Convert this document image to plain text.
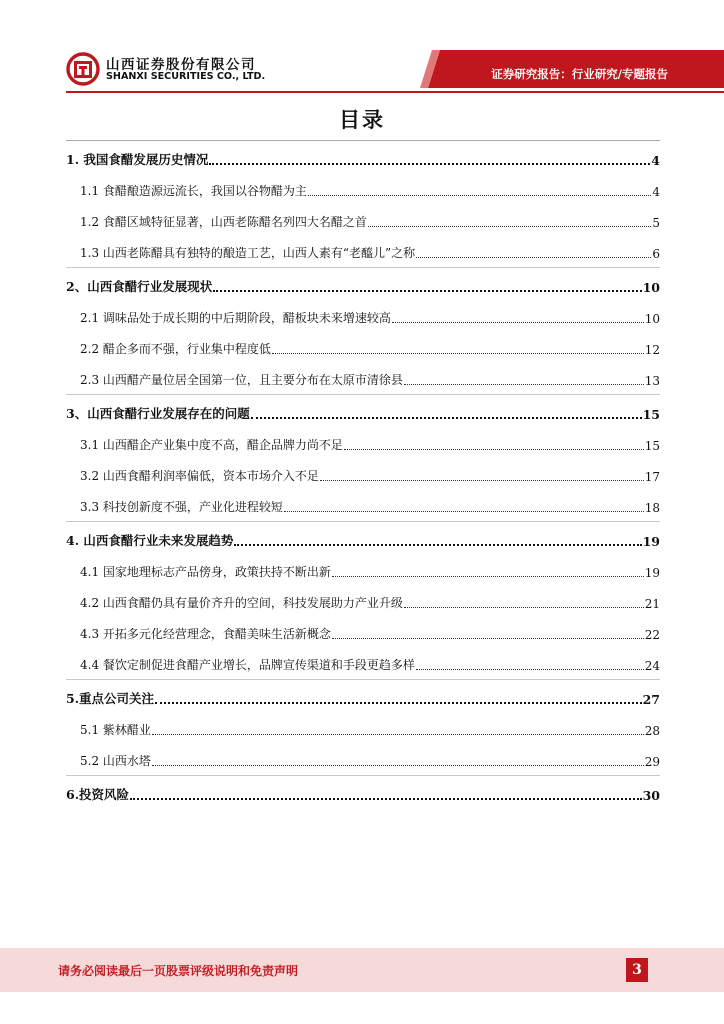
山西证券股份有限公司
SHANXI SECURITIES CO., LTD.	证券研究报告：行业研究/专题报告
目录
1. 我国食醋发展历史情况	4
1.1 食醋酿造源远流长，我国以谷物醋为主	4
1.2 食醋区域特征显著，山西老陈醋名列四大名醋之首	5
1.3 山西老陈醋具有独特的酿造工艺，山西人素有“老醯儿”之称	6
2、山西食醋行业发展现状	10
2.1 调味品处于成长期的中后期阶段，醋板块未来增速较高	10
2.2 醋企多而不强，行业集中程度低	12
2.3 山西醋产量位居全国第一位，且主要分布在太原市清徐县	13
3、山西食醋行业发展存在的问题	15
3.1 山西醋企产业集中度不高，醋企品牌力尚不足	15
3.2 山西食醋利润率偏低，资本市场介入不足	17
3.3 科技创新度不强，产业化进程较短	18
4. 山西食醋行业未来发展趋势	19
4.1 国家地理标志产品傍身，政策扶持不断出新	19
4.2 山西食醋仍具有量价齐升的空间，科技发展助力产业升级	21
4.3 开拓多元化经营理念，食醋美味生活新概念	22
4.4 餐饮定制促进食醋产业增长，品牌宣传渠道和手段更趋多样	24
5.重点公司关注	27
5.1 紫林醋业	28
5.2 山西水塔	29
6.投资风险	30
请务必阅读最后一页股票评级说明和免责声明	3
